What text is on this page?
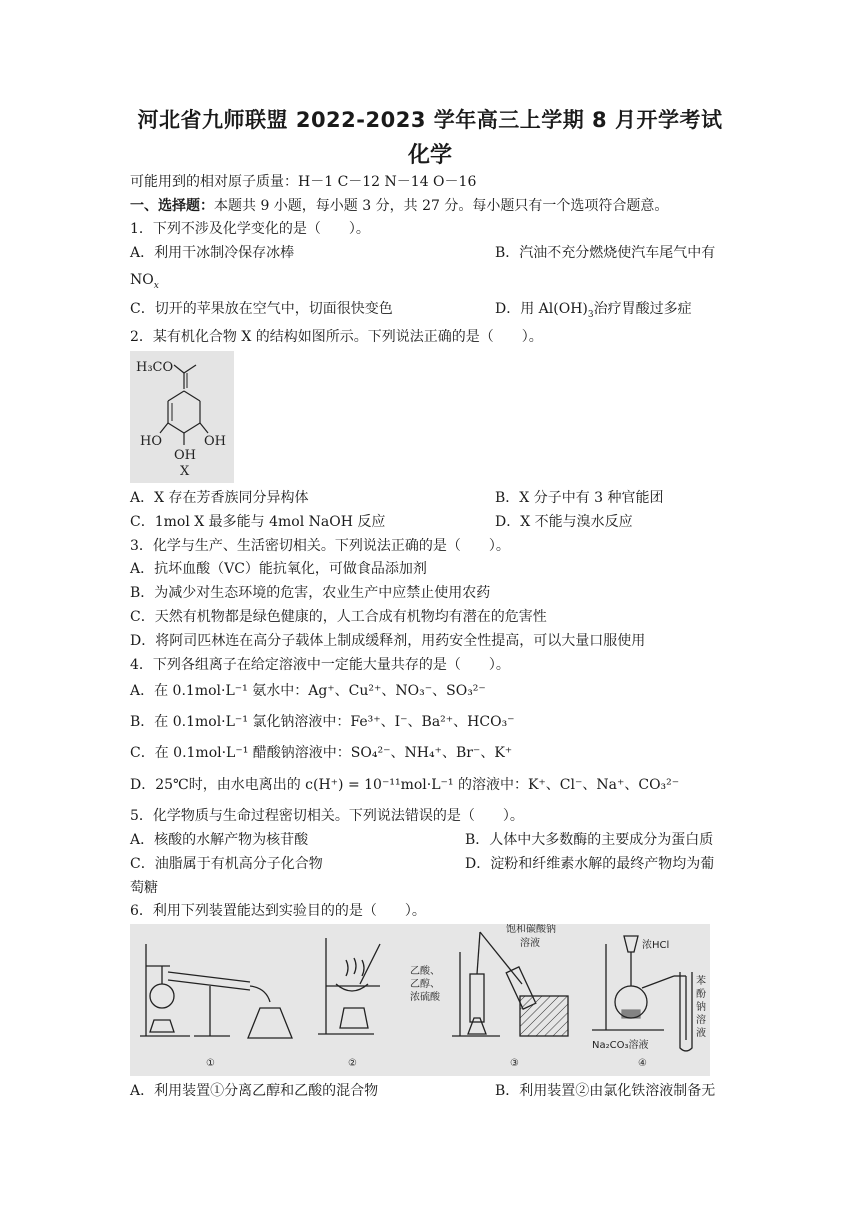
河北省九师联盟 2022-2023 学年高三上学期 8 月开学考试
化学
可能用到的相对原子质量：H－1 C－12 N－14 O－16
一、选择题：本题共 9 小题，每小题 3 分，共 27 分。每小题只有一个选项符合题意。
1．下列不涉及化学变化的是（　　）。
A．利用干冰制冷保存冰棒	B．汽油不充分燃烧使汽车尾气中有
$NO_x$
C．切开的苹果放在空气中，切面很快变色	D．用 $Al(OH)_3$治疗胃酸过多症
2．某有机化合物 X 的结构如图所示。下列说法正确的是（　　）。
H₃CO
HO	OH
OH
X
A．X 存在芳香族同分异构体	B．X 分子中有 3 种官能团
C．1mol X 最多能与 4mol NaOH 反应	D．X 不能与溴水反应
3．化学与生产、生活密切相关。下列说法正确的是（　　）。
A．抗坏血酸（VC）能抗氧化，可做食品添加剂
B．为减少对生态环境的危害，农业生产中应禁止使用农药
C．天然有机物都是绿色健康的，人工合成有机物均有潜在的危害性
D．将阿司匹林连在高分子载体上制成缓释剂，用药安全性提高，可以大量口服使用
4．下列各组离子在给定溶液中一定能大量共存的是（　　）。
A．在 0.1mol·L⁻¹ 氨水中：Ag⁺、Cu²⁺、NO₃⁻、SO₃²⁻
B．在 0.1mol·L⁻¹ 氯化钠溶液中：Fe³⁺、I⁻、Ba²⁺、HCO₃⁻
C．在 0.1mol·L⁻¹ 醋酸钠溶液中：SO₄²⁻、NH₄⁺、Br⁻、K⁺
D．25℃时，由水电离出的 c(H⁺) = 10⁻¹¹mol·L⁻¹ 的溶液中：K⁺、Cl⁻、Na⁺、CO₃²⁻
5．化学物质与生命过程密切相关。下列说法错误的是（　　）。
A．核酸的水解产物为核苷酸	B．人体中大多数酶的主要成分为蛋白质
C．油脂属于有机高分子化合物	D．淀粉和纤维素水解的最终产物均为葡
萄糖
6．利用下列装置能达到实验目的的是（　　）。
①	②
饱和碳酸钠
溶液
乙酸、
乙醇、
浓硫酸
③
浓HCl
苯
酚
钠
溶
液
Na₂CO₃溶液
④
A．利用装置①分离乙醇和乙酸的混合物	B．利用装置②由氯化铁溶液制备无
